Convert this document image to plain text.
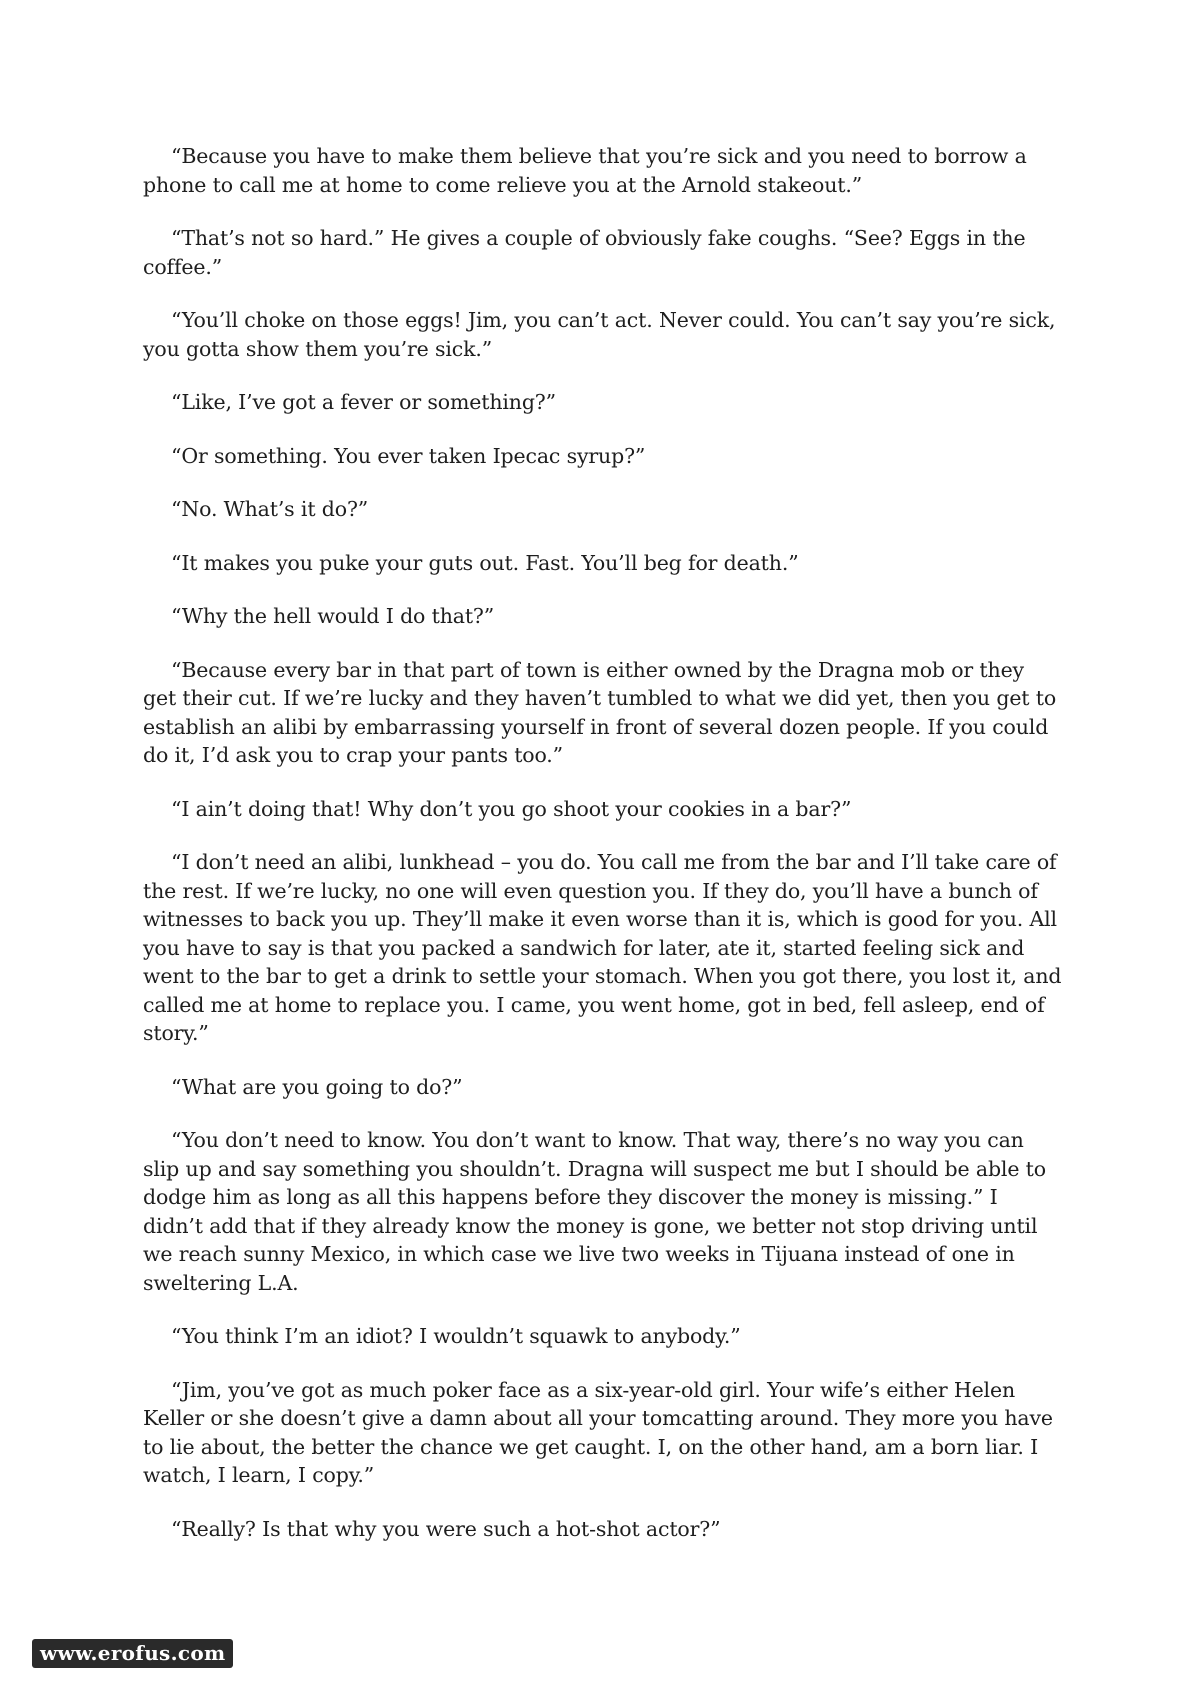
“Because you have to make them believe that you’re sick and you need to borrow a phone to call me at home to come relieve you at the Arnold stakeout.”

“That’s not so hard.” He gives a couple of obviously fake coughs. “See? Eggs in the coffee.”

“You’ll choke on those eggs! Jim, you can’t act. Never could. You can’t say you’re sick, you gotta show them you’re sick.”

“Like, I’ve got a fever or something?”

“Or something. You ever taken Ipecac syrup?”

“No. What’s it do?”

“It makes you puke your guts out. Fast. You’ll beg for death.”

“Why the hell would I do that?”

“Because every bar in that part of town is either owned by the Dragna mob or they get their cut. If we’re lucky and they haven’t tumbled to what we did yet, then you get to establish an alibi by embarrassing yourself in front of several dozen people. If you could do it, I’d ask you to crap your pants too.”

“I ain’t doing that! Why don’t you go shoot your cookies in a bar?”

“I don’t need an alibi, lunkhead – you do. You call me from the bar and I’ll take care of the rest. If we’re lucky, no one will even question you. If they do, you’ll have a bunch of witnesses to back you up. They’ll make it even worse than it is, which is good for you. All you have to say is that you packed a sandwich for later, ate it, started feeling sick and went to the bar to get a drink to settle your stomach. When you got there, you lost it, and called me at home to replace you. I came, you went home, got in bed, fell asleep, end of story.”

“What are you going to do?”

“You don’t need to know. You don’t want to know. That way, there’s no way you can slip up and say something you shouldn’t. Dragna will suspect me but I should be able to dodge him as long as all this happens before they discover the money is missing.” I didn’t add that if they already know the money is gone, we better not stop driving until we reach sunny Mexico, in which case we live two weeks in Tijuana instead of one in sweltering L.A.

“You think I’m an idiot? I wouldn’t squawk to anybody.”

“Jim, you’ve got as much poker face as a six-year-old girl. Your wife’s either Helen Keller or she doesn’t give a damn about all your tomcatting around. They more you have to lie about, the better the chance we get caught. I, on the other hand, am a born liar. I watch, I learn, I copy.”

“Really? Is that why you were such a hot-shot actor?”

www.erofus.com
